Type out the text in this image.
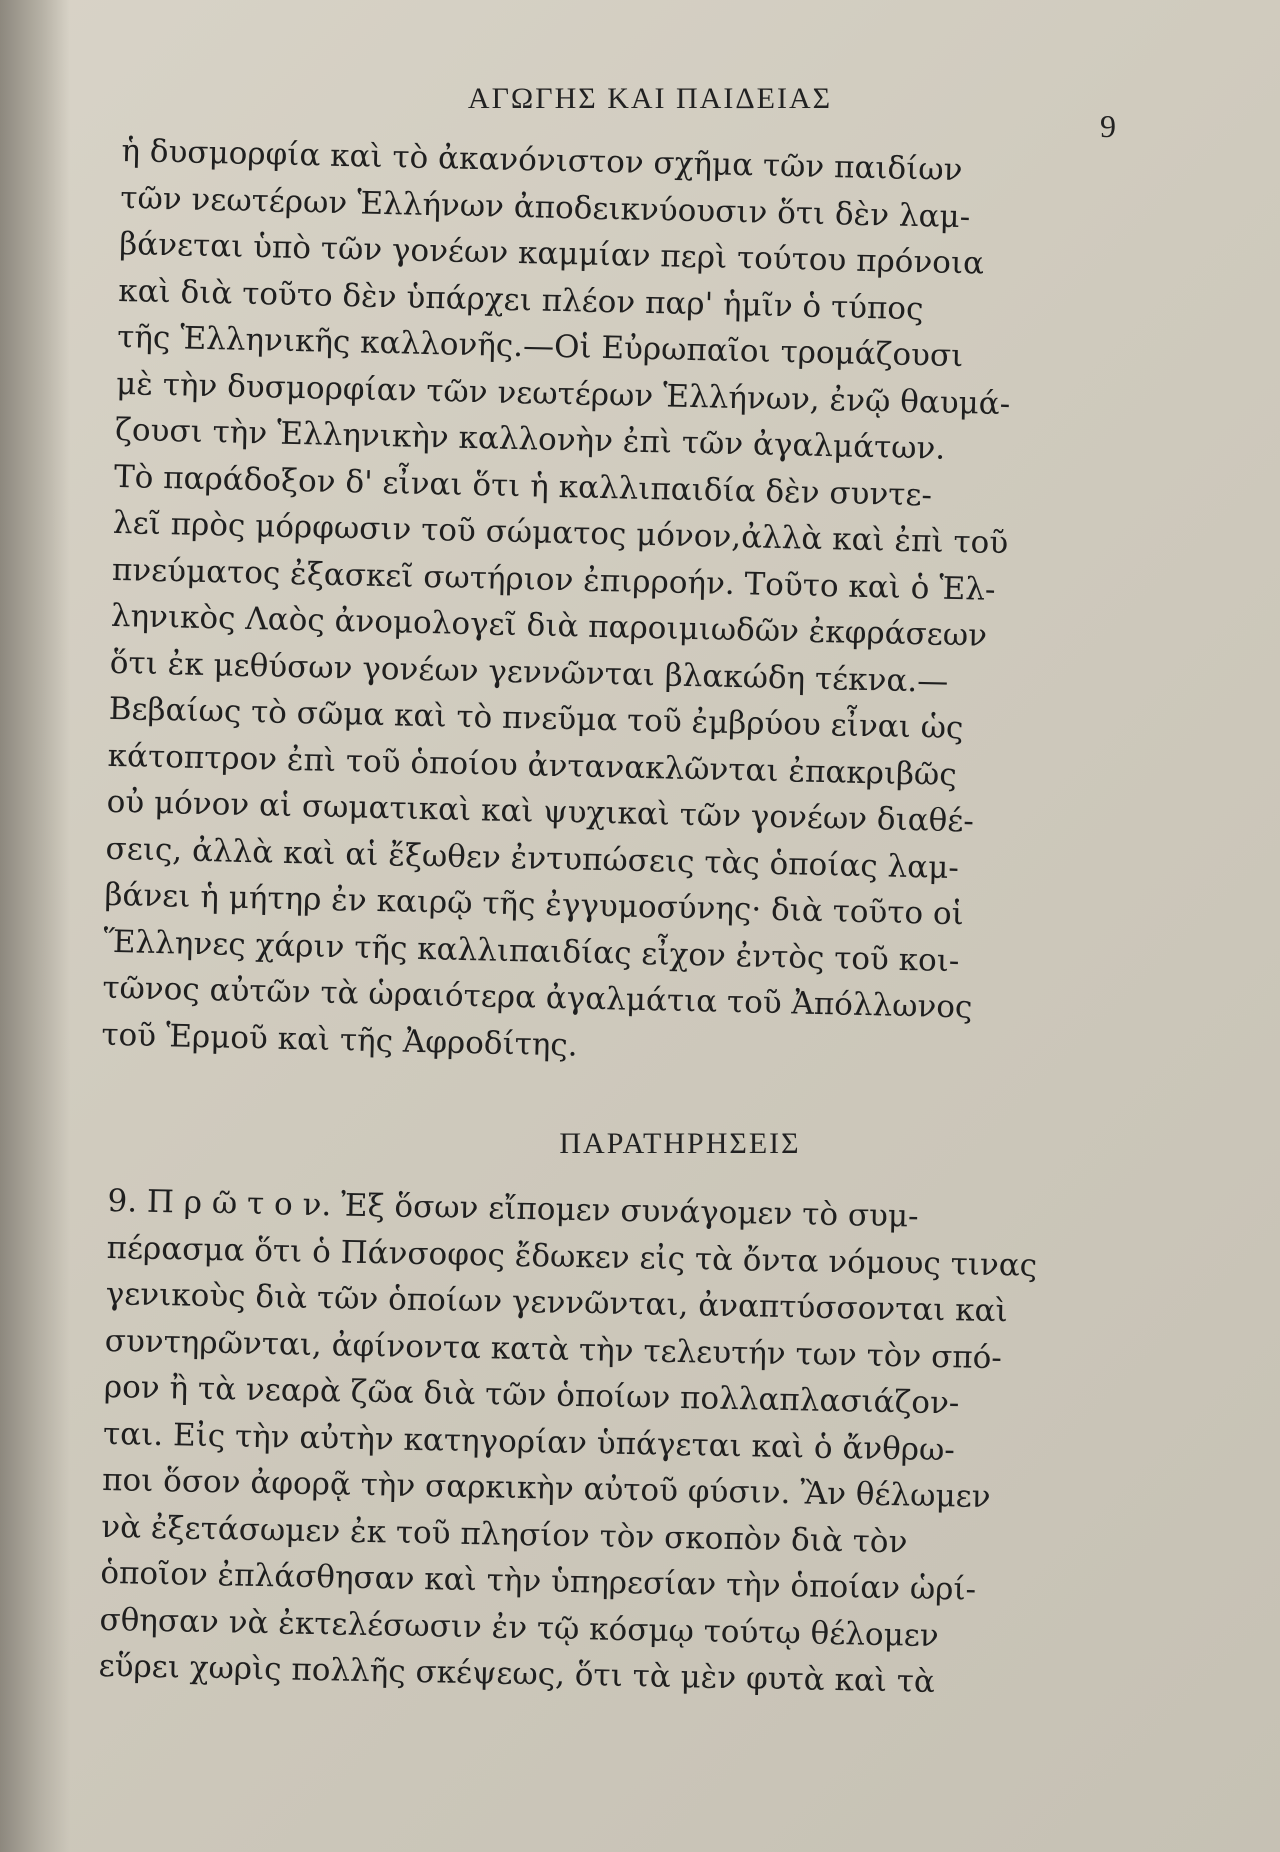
ΑΓΩΓΗΣ ΚΑΙ ΠΑΙΔΕΙΑΣ
9
ἡ δυσμορφία καὶ τὸ ἀκανόνιστον σχῆμα τῶν παιδίων
τῶν νεωτέρων Ἑλλήνων ἀποδεικνύουσιν ὅτι δὲν λαμ-
βάνεται ὑπὸ τῶν γονέων καμμίαν περὶ τούτου πρόνοια
καὶ διὰ τοῦτο δὲν ὑπάρχει πλέον παρ' ἡμῖν ὁ τύπος
τῆς Ἑλληνικῆς καλλονῆς.—Οἱ Εὐρωπαῖοι τρομάζουσι
μὲ τὴν δυσμορφίαν τῶν νεωτέρων Ἑλλήνων, ἐνῷ θαυμά-
ζουσι τὴν Ἑλληνικὴν καλλονὴν ἐπὶ τῶν ἀγαλμάτων.
Τὸ παράδοξον δ' εἶναι ὅτι ἡ καλλιπαιδία δὲν συντε-
λεῖ πρὸς μόρφωσιν τοῦ σώματος μόνον,ἀλλὰ καὶ ἐπὶ τοῦ
πνεύματος ἐξασκεῖ σωτήριον ἐπιρροήν. Τοῦτο καὶ ὁ Ἑλ-
ληνικὸς Λαὸς ἀνομολογεῖ διὰ παροιμιωδῶν ἐκφράσεων
ὅτι ἐκ μεθύσων γονέων γεννῶνται βλακώδη τέκνα.—
Βεβαίως τὸ σῶμα καὶ τὸ πνεῦμα τοῦ ἐμβρύου εἶναι ὡς
κάτοπτρον ἐπὶ τοῦ ὁποίου ἀντανακλῶνται ἐπακριβῶς
οὐ μόνον αἱ σωματικαὶ καὶ ψυχικαὶ τῶν γονέων διαθέ-
σεις, ἀλλὰ καὶ αἱ ἔξωθεν ἐντυπώσεις τὰς ὁποίας λαμ-
βάνει ἡ μήτηρ ἐν καιρῷ τῆς ἐγγυμοσύνης· διὰ τοῦτο οἱ
Ἕλληνες χάριν τῆς καλλιπαιδίας εἶχον ἐντὸς τοῦ κοι-
τῶνος αὐτῶν τὰ ὡραιότερα ἀγαλμάτια τοῦ Ἀπόλλωνος
τοῦ Ἑρμοῦ καὶ τῆς Ἀφροδίτης.
ΠΑΡΑΤΗΡΗΣΕΙΣ
9. Π ρ ῶ τ ο ν. Ἐξ ὅσων εἴπομεν συνάγομεν τὸ συμ-
πέρασμα ὅτι ὁ Πάνσοφος ἔδωκεν εἰς τὰ ὄντα νόμους τινας
γενικοὺς διὰ τῶν ὁποίων γεννῶνται, ἀναπτύσσονται καὶ
συντηρῶνται, ἀφίνοντα κατὰ τὴν τελευτήν των τὸν σπό-
ρον ἢ τὰ νεαρὰ ζῶα διὰ τῶν ὁποίων πολλαπλασιάζον-
ται. Εἰς τὴν αὐτὴν κατηγορίαν ὑπάγεται καὶ ὁ ἄνθρω-
ποι ὅσον ἀφορᾷ τὴν σαρκικὴν αὐτοῦ φύσιν. Ἂν θέλωμεν
νὰ ἐξετάσωμεν ἐκ τοῦ πλησίον τὸν σκοπὸν διὰ τὸν
ὁποῖον ἐπλάσθησαν καὶ τὴν ὑπηρεσίαν τὴν ὁποίαν ὡρί-
σθησαν νὰ ἐκτελέσωσιν ἐν τῷ κόσμῳ τούτῳ θέλομεν
εὕρει χωρὶς πολλῆς σκέψεως, ὅτι τὰ μὲν φυτὰ καὶ τὰ
